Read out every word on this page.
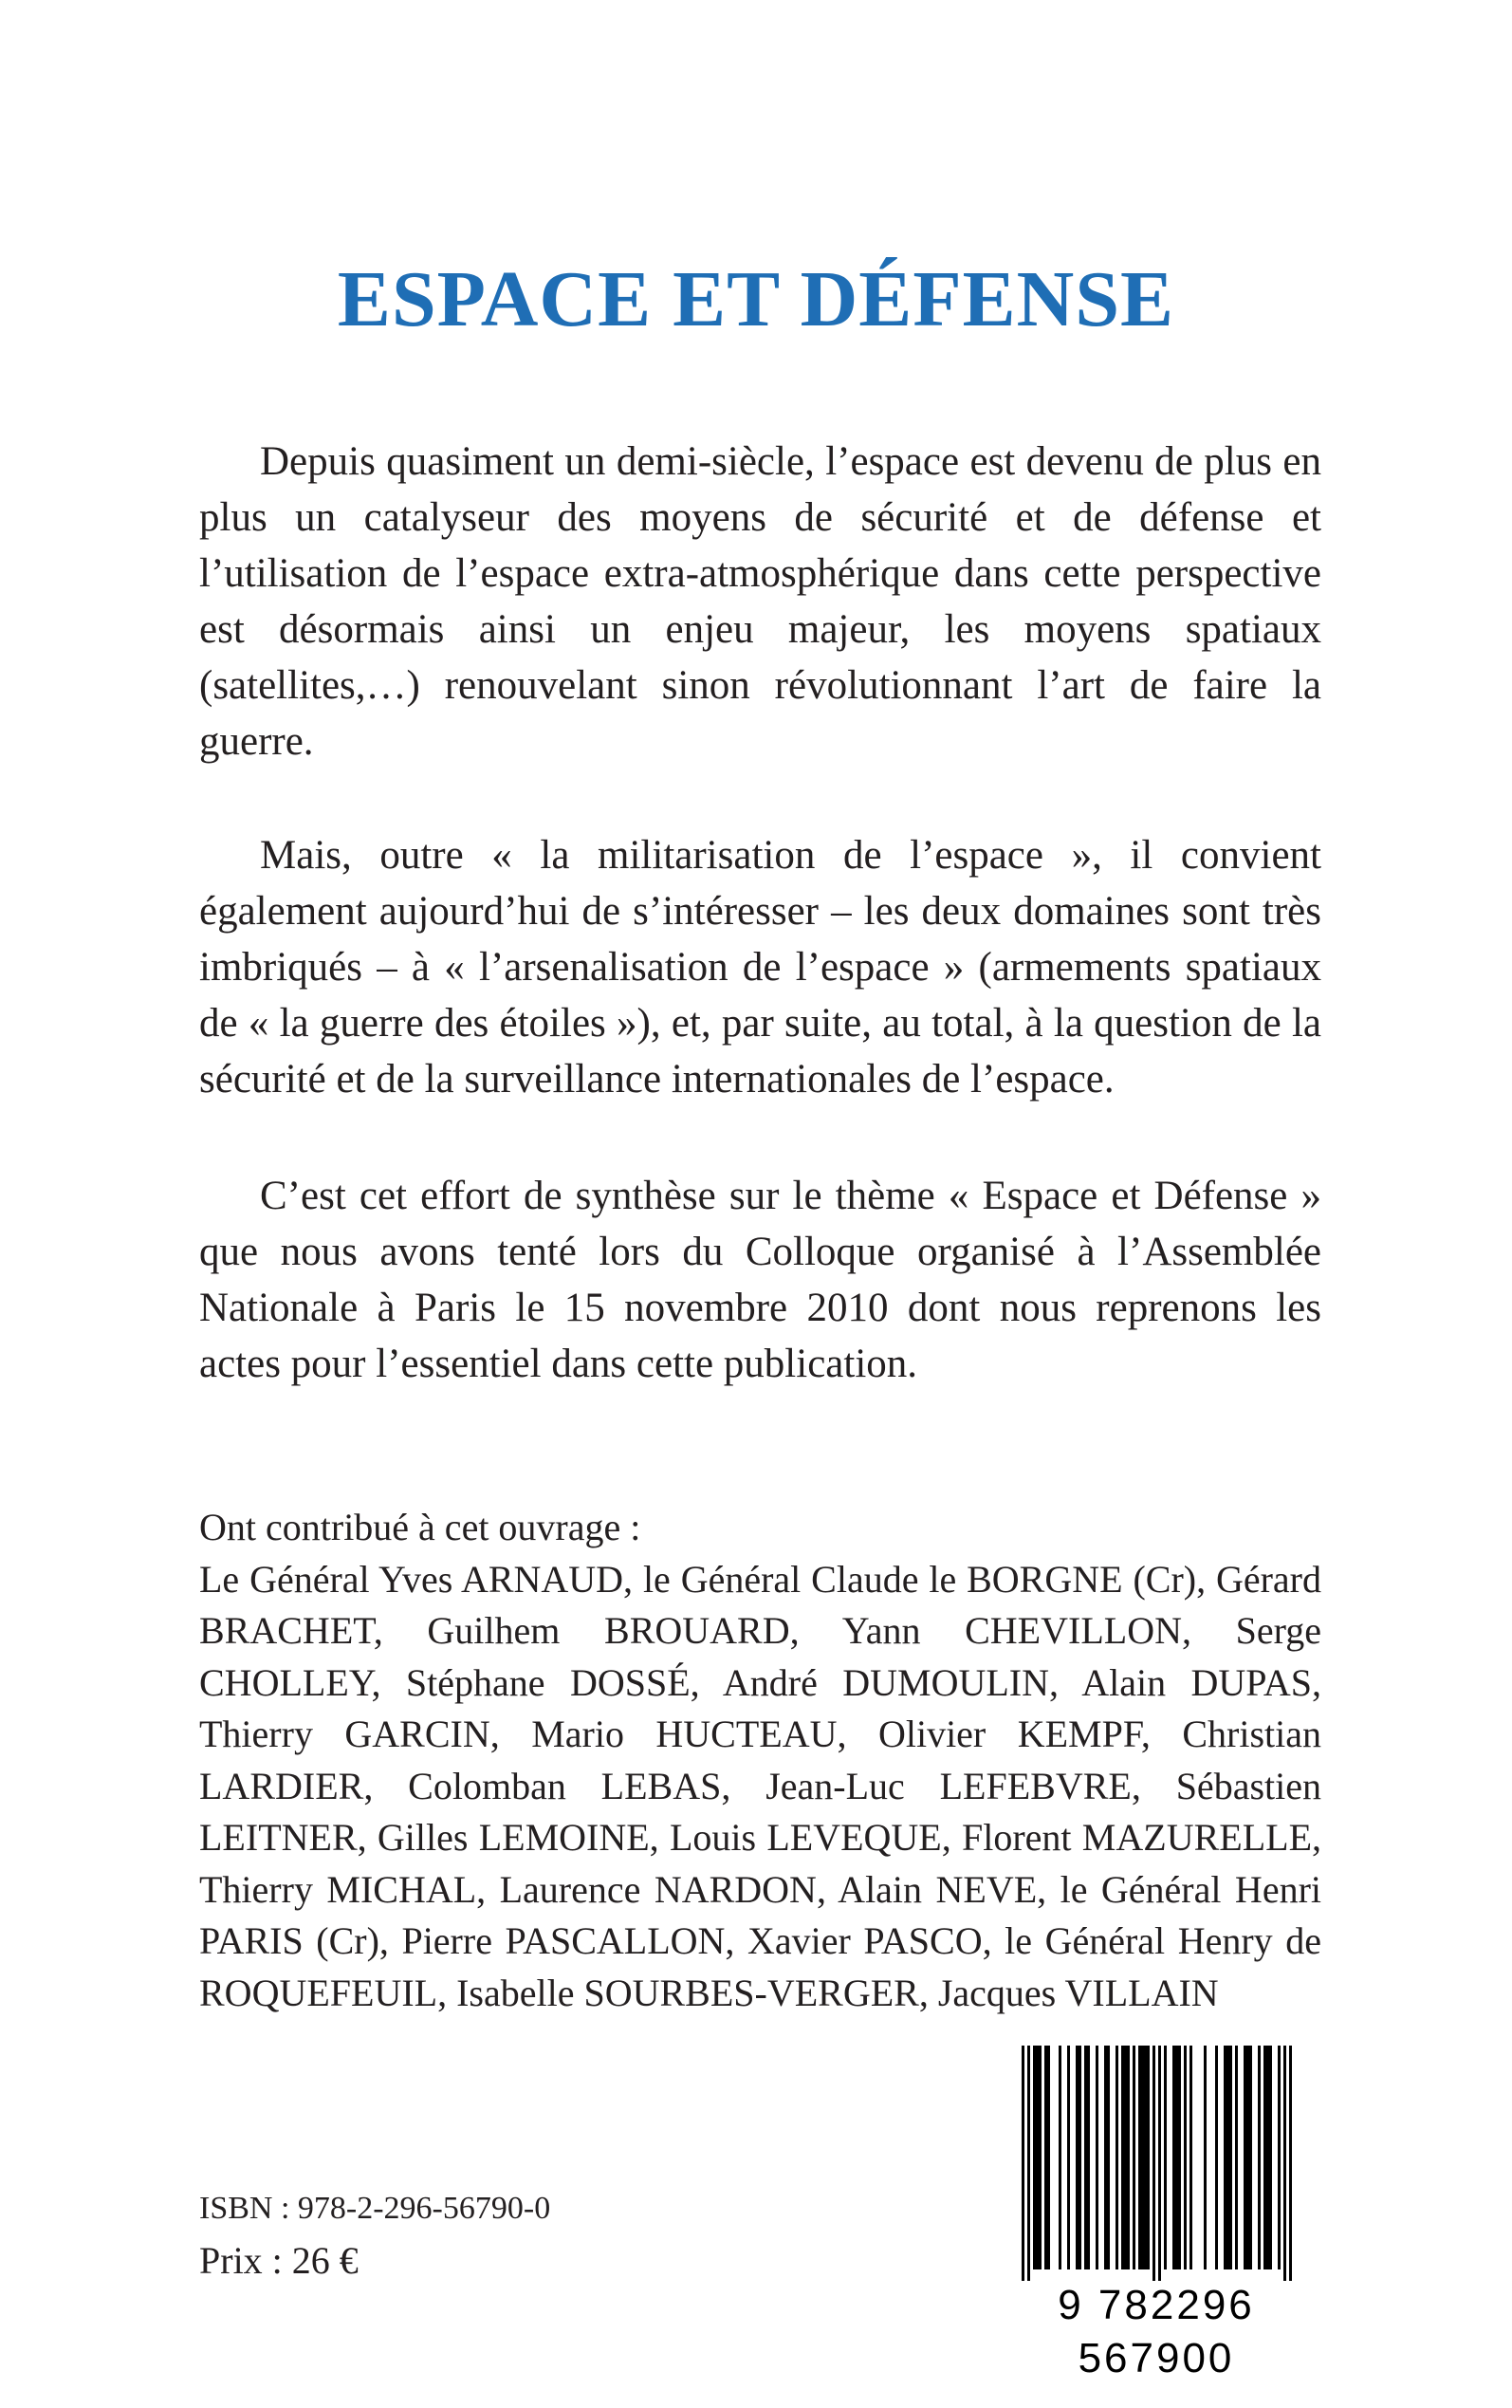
ESPACE ET DÉFENSE

Depuis quasiment un demi-siècle, l’espace est devenu de plus en plus un catalyseur des moyens de sécurité et de défense et l’utilisation de l’espace extra-atmosphérique dans cette perspective est désormais ainsi un enjeu majeur, les moyens spatiaux (satellites,…) renouvelant sinon révolutionnant l’art de faire la guerre.

Mais, outre « la militarisation de l’espace », il convient également aujourd’hui de s’intéresser – les deux domaines sont très imbriqués – à « l’arsenalisation de l’espace » (armements spatiaux de « la guerre des étoiles »), et, par suite, au total, à la question de la sécurité et de la surveillance internationales de l’espace.

C’est cet effort de synthèse sur le thème « Espace et Défense » que nous avons tenté lors du Colloque organisé à l’Assemblée Nationale à Paris le 15 novembre 2010 dont nous reprenons les actes pour l’essentiel dans cette publication.

Ont contribué à cet ouvrage :

Le Général Yves ARNAUD, le Général Claude le BORGNE (Cr), Gérard BRACHET, Guilhem BROUARD, Yann CHEVILLON, Serge CHOLLEY, Stéphane DOSSÉ, André DUMOULIN, Alain DUPAS, Thierry GARCIN, Mario HUCTEAU, Olivier KEMPF, Christian LARDIER, Colomban LEBAS, Jean-Luc LEFEBVRE, Sébastien LEITNER, Gilles LEMOINE, Louis LEVEQUE, Florent MAZURELLE, Thierry MICHAL, Laurence NARDON, Alain NEVE, le Général Henri PARIS (Cr), Pierre PASCALLON, Xavier PASCO, le Général Henry de ROQUEFEUIL, Isabelle SOURBES-VERGER, Jacques VILLAIN

ISBN : 978-2-296-56790-0
Prix : 26 €
9 782296 567900
